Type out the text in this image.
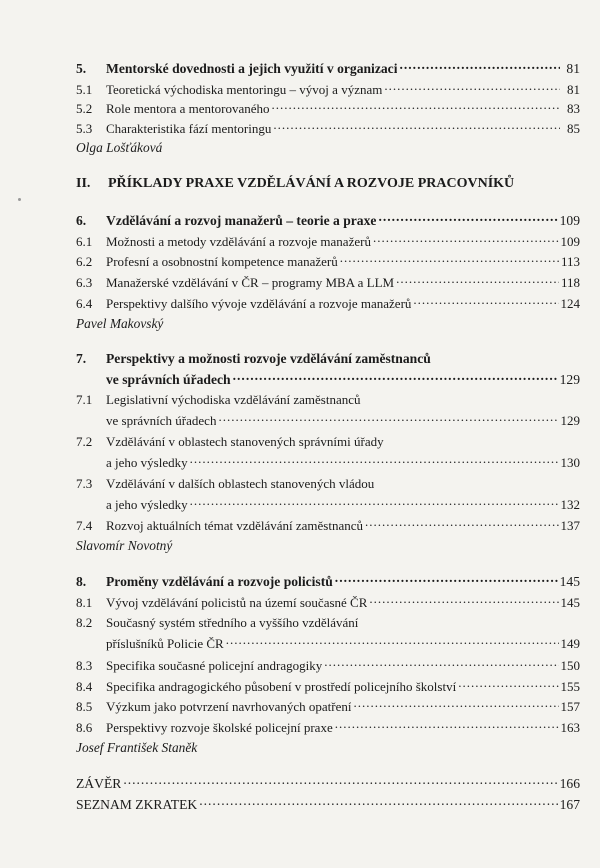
5.	Mentorské dovednosti a jejich využití v organizaci .....	81
5.1	Teoretická východiska mentoringu – vývoj a význam .....	81
5.2	Role mentora a mentorovaného .....	83
5.3	Charakteristika fází mentoringu .....	85
Olga Lošťáková
II.	PŘÍKLADY PRAXE VZDĚLÁVÁNÍ A ROZVOJE PRACOVNÍKŮ
6.	Vzdělávání a rozvoj manažerů – teorie a praxe .....	109
6.1	Možnosti a metody vzdělávání a rozvoje manažerů .....	109
6.2	Profesní a osobnostní kompetence manažerů .....	113
6.3	Manažerské vzdělávání v ČR – programy MBA a LLM .....	118
6.4	Perspektivy dalšího vývoje vzdělávání a rozvoje manažerů .....	124
Pavel Makovský
7.	Perspektivy a možnosti rozvoje vzdělávání zaměstnanců
ve správních úřadech .....	129
7.1	Legislativní východiska vzdělávání zaměstnanců
ve správních úřadech .....	129
7.2	Vzdělávání v oblastech stanovených správními úřady
a jeho výsledky .....	130
7.3	Vzdělávání v dalších oblastech stanovených vládou
a jeho výsledky .....	132
7.4	Rozvoj aktuálních témat vzdělávání zaměstnanců .....	137
Slavomír Novotný
8.	Proměny vzdělávání a rozvoje policistů .....	145
8.1	Vývoj vzdělávání policistů na území současné ČR .....	145
8.2	Současný systém středního a vyššího vzdělávání
příslušníků Policie ČR .....	149
8.3	Specifika současné policejní andragogiky .....	150
8.4	Specifika andragogického působení v prostředí policejního školství .....	155
8.5	Výzkum jako potvrzení navrhovaných opatření .....	157
8.6	Perspektivy rozvoje školské policejní praxe .....	163
Josef František Staněk
ZÁVĚR .....	166
SEZNAM ZKRATEK .....	167
